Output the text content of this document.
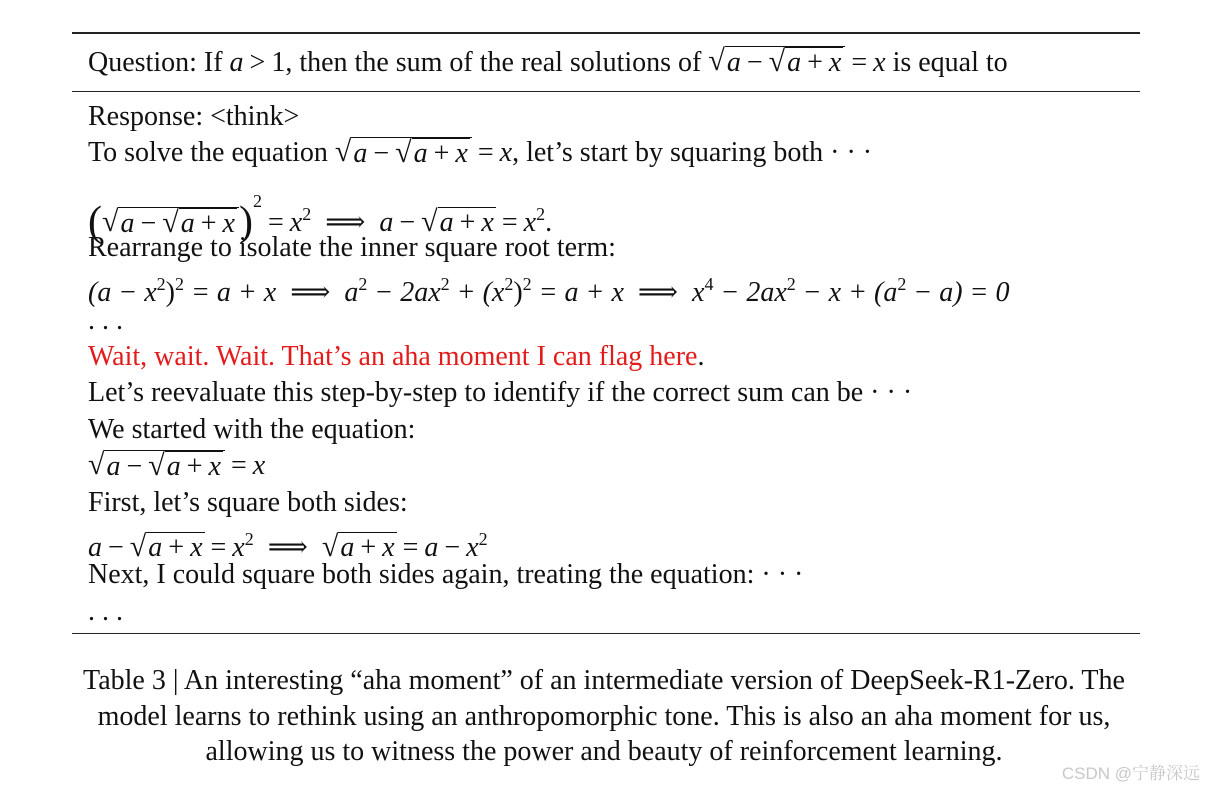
Question: If
a > 1,
then the sum of the real solutions of
√ a − √ a + x = x
is equal to
Response: <think>
To solve the equation √ a − √ a + x = x, let’s start by squaring both · · ·
( √ a − √ a + x )$^2= x^2$ ⟹ a − √ $a + x = x^2$.
Rearrange to isolate the inner square root term:
$(a - x^2)^2 = a + x$ ⟹ $a^2 - 2ax^2 + (x^2)^2 = a + x$ ⟹ $x^4 - 2ax^2 - x + (a^2 - a) = 0$
. . .
Wait, wait. Wait. That’s an aha moment I can flag here.
Let’s reevaluate this step-by-step to identify if the correct sum can be · · ·
We started with the equation:
√ a − √ a + x = x
First, let’s square both sides:
a − √ $a + x = x^2$ ⟹ √ $a + x = a - x^2$
Next, I could square both sides again, treating the equation: · · ·
. . .
Table 3 | An interesting “aha moment” of an intermediate version of DeepSeek-R1-Zero. The
model learns to rethink using an anthropomorphic tone. This is also an aha moment for us,
allowing us to witness the power and beauty of reinforcement learning.
CSDN @宁静深远
